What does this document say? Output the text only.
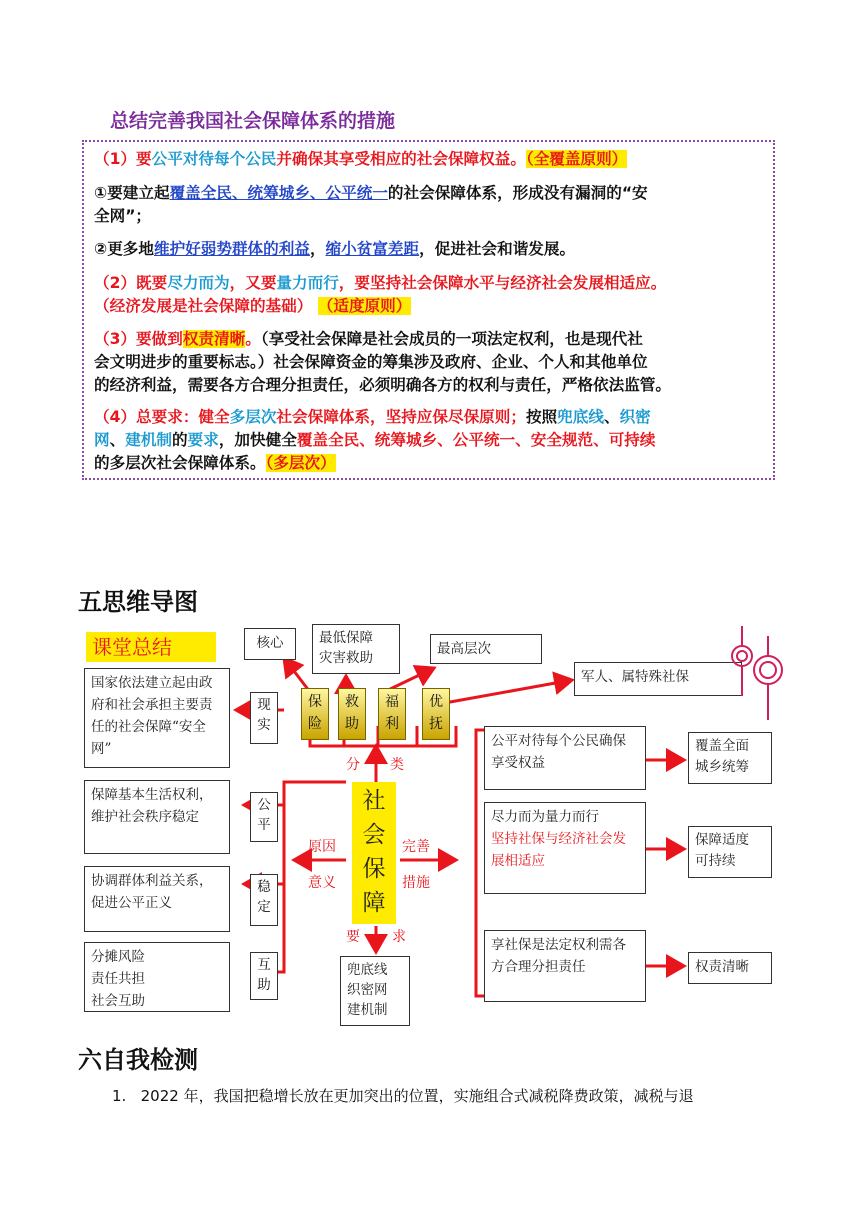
总结完善我国社会保障体系的措施
（1）要公平对待每个公民并确保其享受相应的社会保障权益。（全覆盖原则）
①要建立起覆盖全民、统筹城乡、公平统一的社会保障体系，形成没有漏洞的“安
全网”；
②更多地维护好弱势群体的利益，缩小贫富差距，促进社会和谐发展。
（2）既要尽力而为，又要量力而行，要坚持社会保障水平与经济社会发展相适应。
（经济发展是社会保障的基础） （适度原则）
（3）要做到权责清晰。（享受社会保障是社会成员的一项法定权利，也是现代社
会文明进步的重要标志。）社会保障资金的筹集涉及政府、企业、个人和其他单位
的经济利益，需要各方合理分担责任，必须明确各方的权利与责任，严格依法监管。
（4）总要求：健全多层次社会保障体系，坚持应保尽保原则；按照兜底线、织密
网、建机制的要求，加快健全覆盖全民、统筹城乡、公平统一、安全规范、可持续
的多层次社会保障体系。（多层次）
五思维导图
课堂总结	核心	最低保障
灾害救助
最高层次
军人、属特殊社保
保险
救助
福利
优抚
分 类
社会保障
原因
意义
完善
措施
要 求
国家依法建立起由政府和社会承担主要责任的社会保障“安全网”
现实
保障基本生活权利，维护社会秩序稳定
公平
协调群体利益关系，促进公平正义
稳定
分摊风险
责任共担
社会互助
互助
兜底线
织密网
建机制
公平对待每个公民确保享受权益
覆盖全面
城乡统筹
尽力而为量力而行
坚持社保与经济社会发展相适应
保障适度
可持续
享社保是法定权利需各方合理分担责任	权责清晰
六自我检测
1. 2022 年，我国把稳增长放在更加突出的位置，实施组合式减税降费政策，减税与退
